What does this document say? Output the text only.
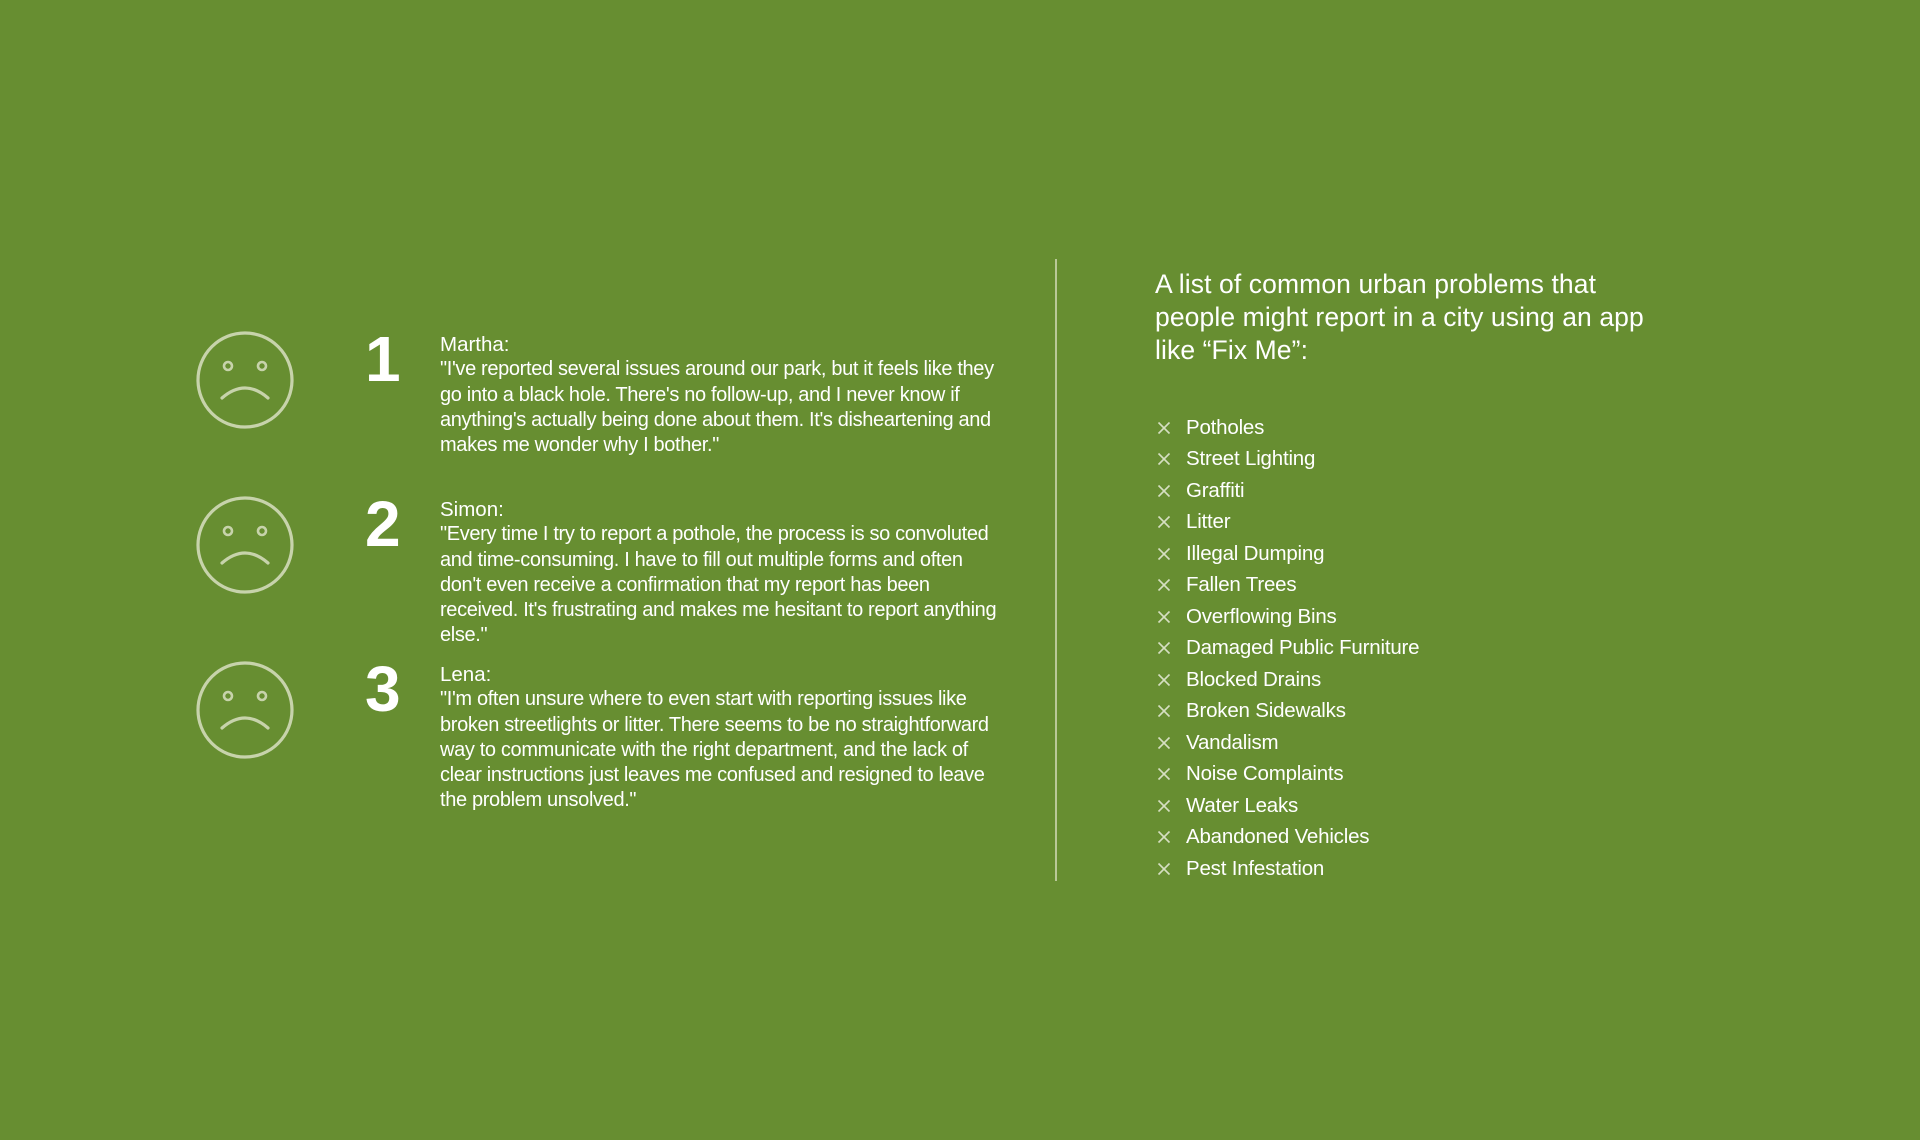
1 Martha:
"I've reported several issues around our park, but it feels like they go into a black hole. There's no follow-up, and I never know if anything's actually being done about them. It's disheartening and makes me wonder why I bother."
2 Simon:
"Every time I try to report a pothole, the process is so convoluted and time-consuming. I have to fill out multiple forms and often don't even receive a confirmation that my report has been received. It's frustrating and makes me hesitant to report anything else."
3 Lena:
"I'm often unsure where to even start with reporting issues like broken streetlights or litter. There seems to be no straightforward way to communicate with the right department, and the lack of clear instructions just leaves me confused and resigned to leave the problem unsolved."
A list of common urban problems that people might report in a city using an app like “Fix Me”:
Potholes
Street Lighting
Graffiti
Litter
Illegal Dumping
Fallen Trees
Overflowing Bins
Damaged Public Furniture
Blocked Drains
Broken Sidewalks
Vandalism
Noise Complaints
Water Leaks
Abandoned Vehicles
Pest Infestation
